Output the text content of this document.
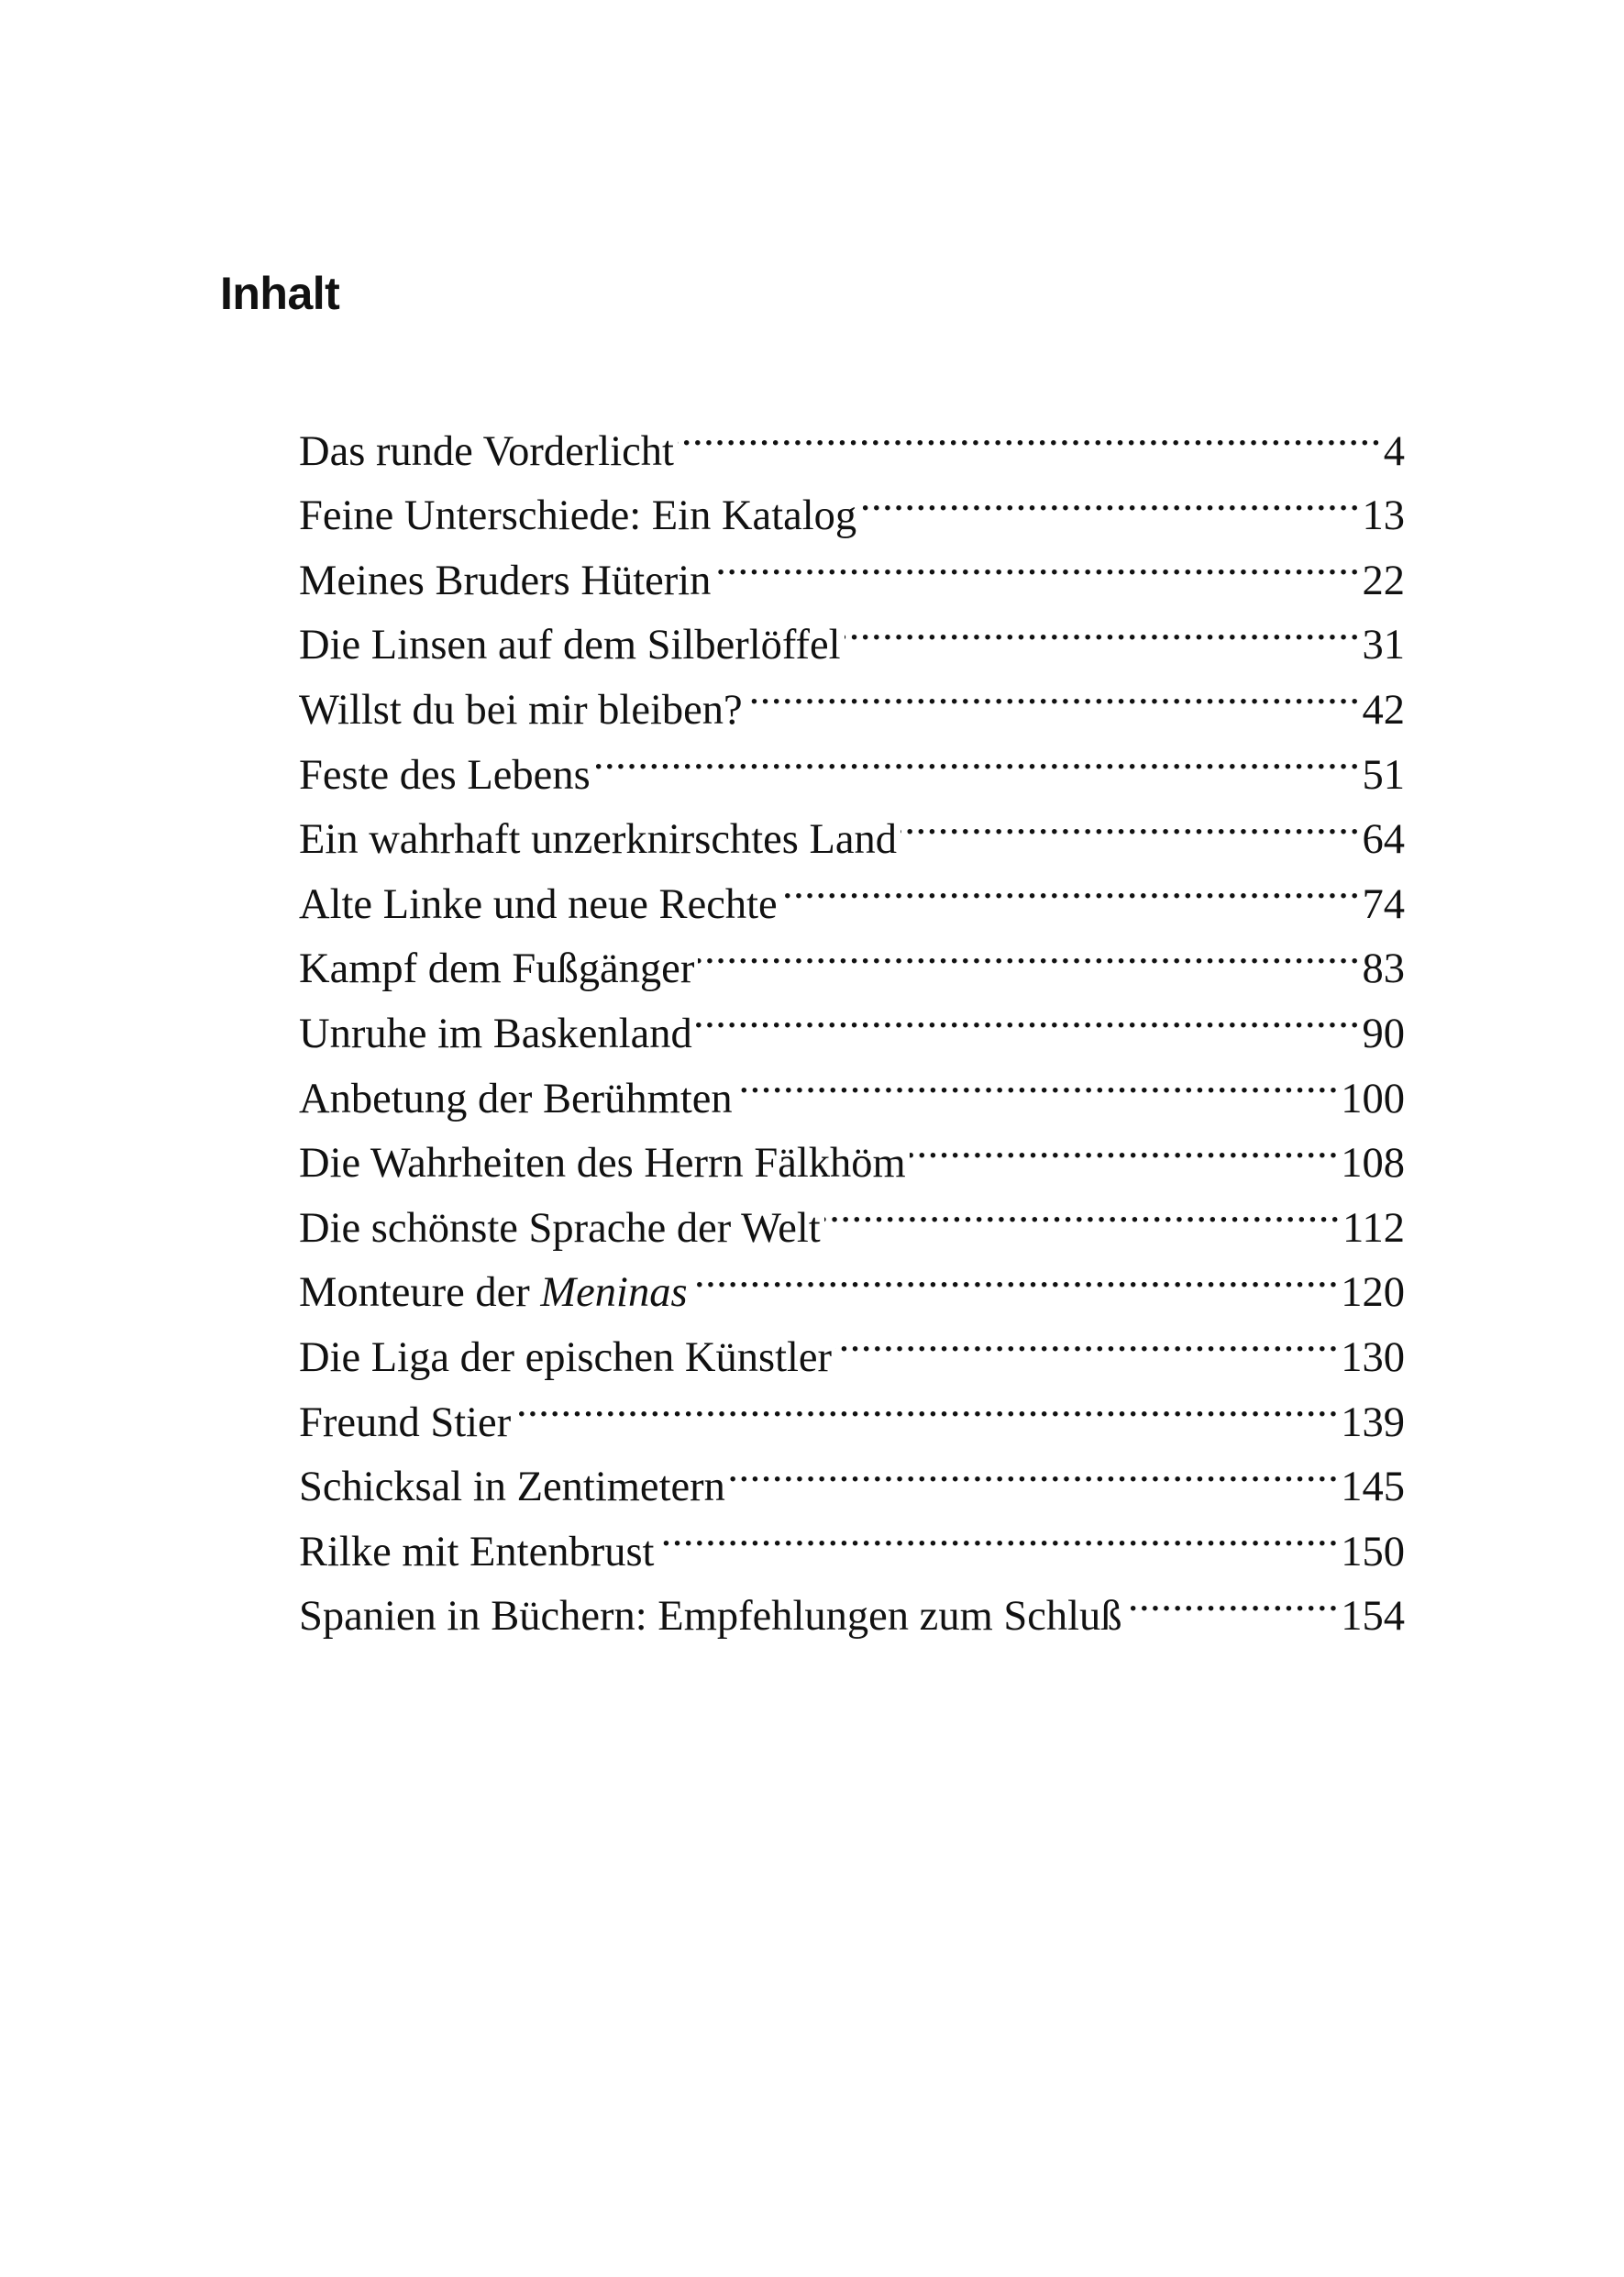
Inhalt
Das runde Vorderlicht .....	4
Feine Unterschiede: Ein Katalog .....	13
Meines Bruders Hüterin .....	22
Die Linsen auf dem Silberlöffel .....	31
Willst du bei mir bleiben? .....	42
Feste des Lebens .....	51
Ein wahrhaft unzerknirschtes Land .....	64
Alte Linke und neue Rechte .....	74
Kampf dem Fußgänger .....	83
Unruhe im Baskenland .....	90
Anbetung der Berühmten .....	100
Die Wahrheiten des Herrn Fälkhöm .....	108
Die schönste Sprache der Welt .....	112
Monteure der Meninas .....	120
Die Liga der epischen Künstler .....	130
Freund Stier .....	139
Schicksal in Zentimetern .....	145
Rilke mit Entenbrust .....	150
Spanien in Büchern: Empfehlungen zum Schluß .....	154
